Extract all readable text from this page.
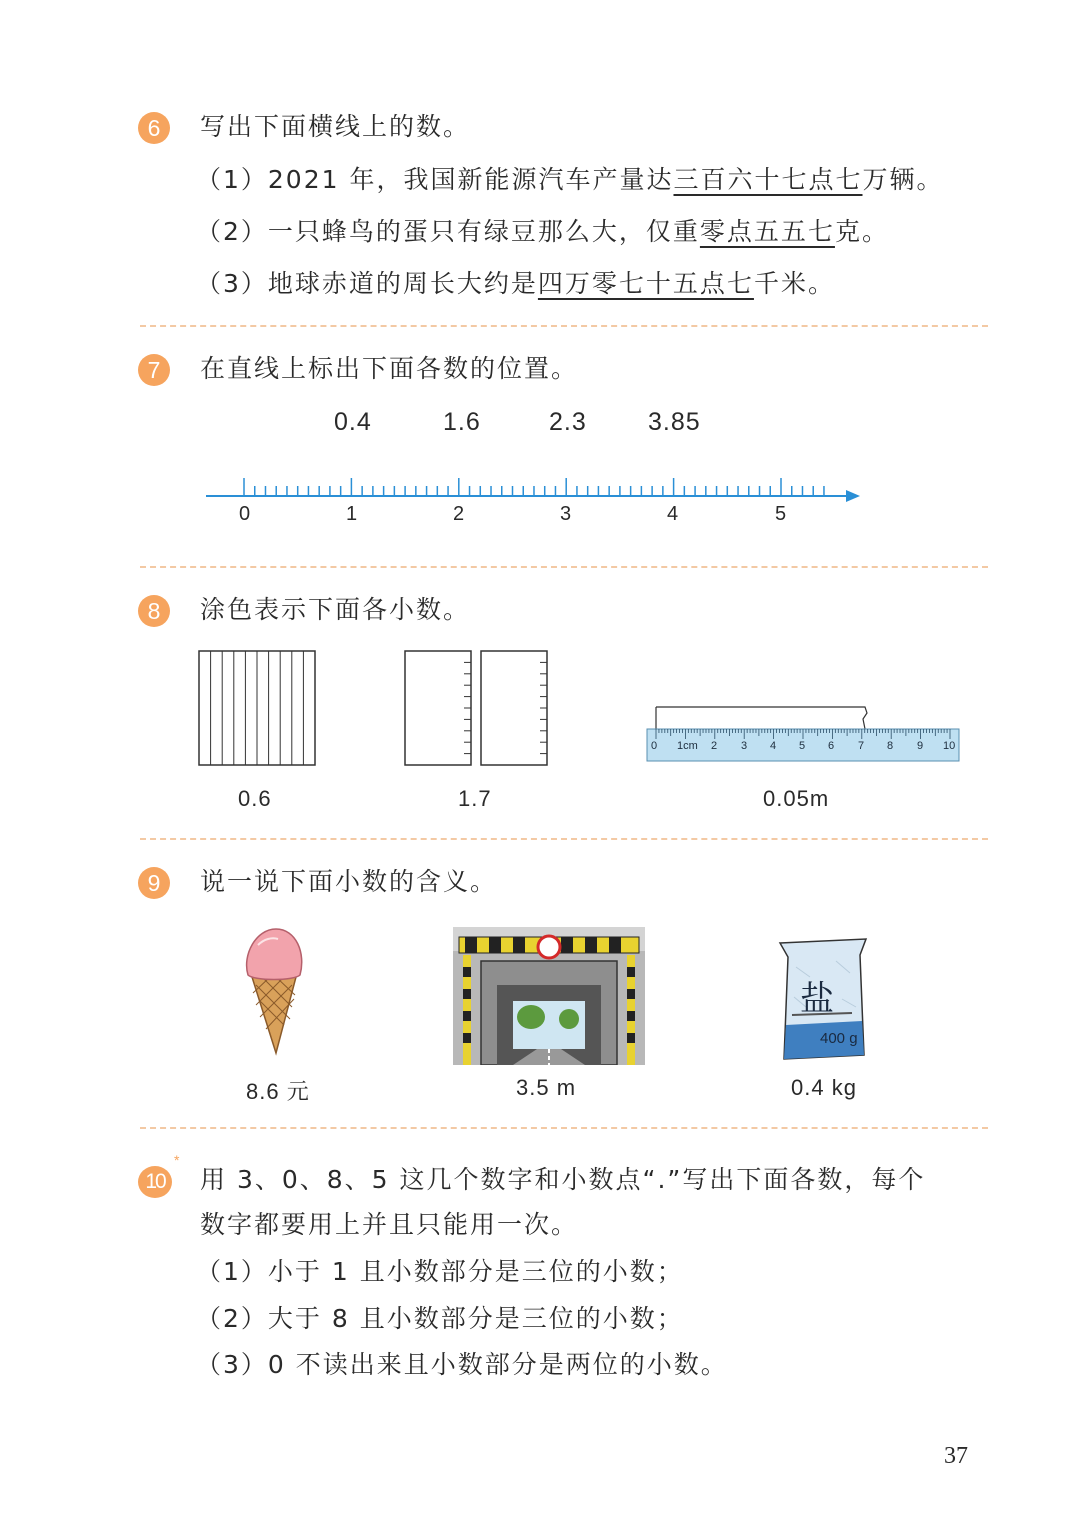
6	写出下面横线上的数。
（1）2021 年，我国新能源汽车产量达三百六十七点七万辆。
（2）一只蜂鸟的蛋只有绿豆那么大，仅重零点五五七克。
（3）地球赤道的周长大约是四万零七十五点七千米。
7	在直线上标出下面各数的位置。
0.4	1.6	2.3 3.85
0	1	2	3	4	5
8	涂色表示下面各小数。
0 1cm 2 3 4 5 6 7 8 9 10
0.6	1.7	0.05m
9	说一说下面小数的含义。
盐
400 g
8.6 元	3.5 m	0.4 kg
10
*
用 3、0、8、5 这几个数字和小数点“.”写出下面各数，每个
数字都要用上并且只能用一次。
（1）小于 1 且小数部分是三位的小数；
（2）大于 8 且小数部分是三位的小数；
（3）0 不读出来且小数部分是两位的小数。
37
